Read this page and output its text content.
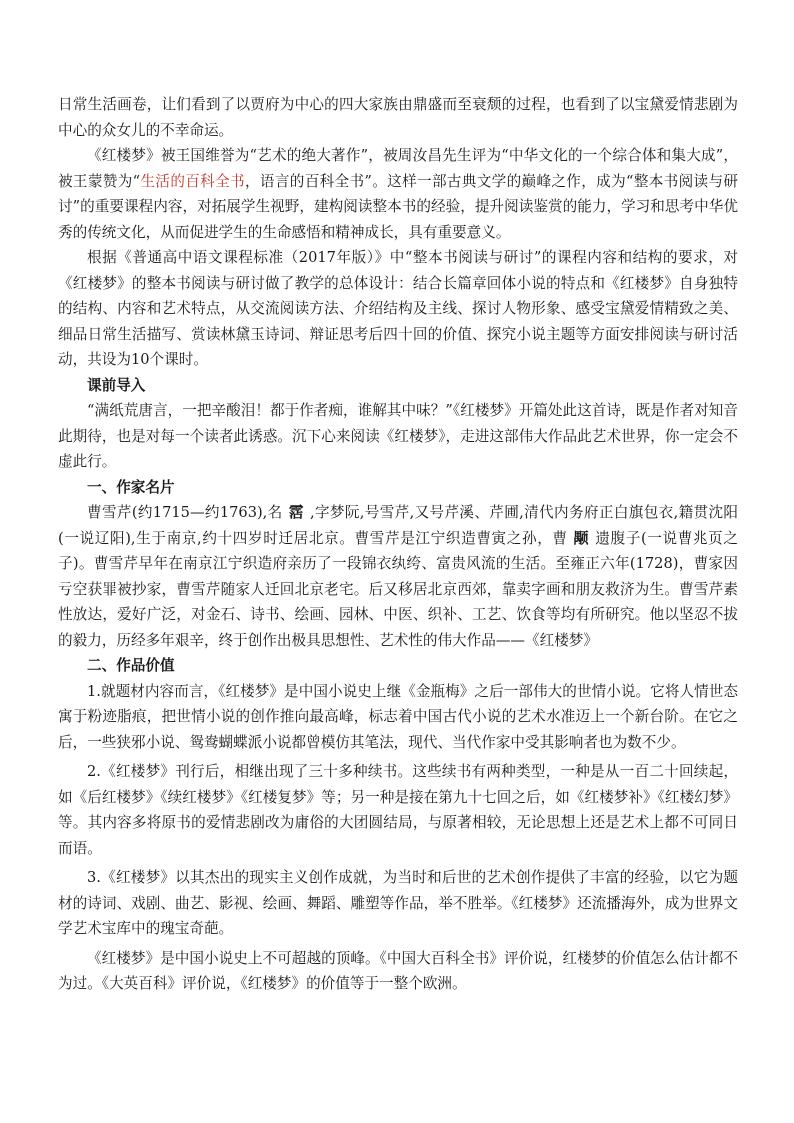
日常生活画卷，让们看到了以贾府为中心的四大家族由鼎盛而至衰颓的过程，也看到了以宝黛爱情悲剧为中心的众女儿的不幸命运。

《红楼梦》被王国维誉为“艺术的绝大著作”，被周汝昌先生评为“中华文化的一个综合体和集大成”，被王蒙赞为“生活的百科全书，语言的百科全书”。这样一部古典文学的巅峰之作，成为“整本书阅读与研讨”的重要课程内容，对拓展学生视野，建构阅读整本书的经验，提升阅读鉴赏的能力，学习和思考中华优秀的传统文化，从而促进学生的生命感悟和精神成长，具有重要意义。

根据《普通高中语文课程标准（2017年版）》中“整本书阅读与研讨”的课程内容和结构的要求，对《红楼梦》的整本书阅读与研讨做了教学的总体设计：结合长篇章回体小说的特点和《红楼梦》自身独特的结构、内容和艺术特点，从交流阅读方法、介绍结构及主线、探讨人物形象、感受宝黛爱情精致之美、细品日常生活描写、赏读林黛玉诗词、辩证思考后四十回的价值、探究小说主题等方面安排阅读与研讨活动，共设为10个课时。

课前导入

“满纸荒唐言，一把辛酸泪！都于作者痴，谁解其中味？”《红楼梦》开篇处此这首诗，既是作者对知音此期待，也是对每一个读者此诱惑。沉下心来阅读《红楼梦》，走进这部伟大作品此艺术世界，你一定会不虚此行。

一、作家名片

曹雪芹(约1715—约1763),名 霑 ,字梦阮,号雪芹,又号芹溪、芹圃,清代内务府正白旗包衣,籍贯沈阳(一说辽阳),生于南京,约十四岁时迁居北京。曹雪芹是江宁织造曹寅之孙，曹 颙 遗腹子(一说曹兆页之子)。曹雪芹早年在南京江宁织造府亲历了一段锦衣纨绔、富贵风流的生活。至雍正六年(1728)，曹家因亏空获罪被抄家，曹雪芹随家人迁回北京老宅。后又移居北京西郊，靠卖字画和朋友救济为生。曹雪芹素性放达，爱好广泛，对金石、诗书、绘画、园林、中医、织补、工艺、饮食等均有所研究。他以坚忍不拔的毅力，历经多年艰辛，终于创作出极具思想性、艺术性的伟大作品——《红楼梦》

二、作品价值

1.就题材内容而言，《红楼梦》是中国小说史上继《金瓶梅》之后一部伟大的世情小说。它将人情世态寓于粉迹脂痕，把世情小说的创作推向最高峰，标志着中国古代小说的艺术水准迈上一个新台阶。在它之后，一些狭邪小说、鸳鸯蝴蝶派小说都曾模仿其笔法，现代、当代作家中受其影响者也为数不少。

2.《红楼梦》刊行后，相继出现了三十多种续书。这些续书有两种类型，一种是从一百二十回续起，如《后红楼梦》《续红楼梦》《红楼复梦》等；另一种是接在第九十七回之后，如《红楼梦补》《红楼幻梦》等。其内容多将原书的爱情悲剧改为庸俗的大团圆结局，与原著相较，无论思想上还是艺术上都不可同日而语。

3.《红楼梦》以其杰出的现实主义创作成就，为当时和后世的艺术创作提供了丰富的经验，以它为题材的诗词、戏剧、曲艺、影视、绘画、舞蹈、雕塑等作品，举不胜举。《红楼梦》还流播海外，成为世界文学艺术宝库中的瑰宝奇葩。

《红楼梦》是中国小说史上不可超越的顶峰。《中国大百科全书》评价说，红楼梦的价值怎么估计都不为过。《大英百科》评价说，《红楼梦》的价值等于一整个欧洲。
